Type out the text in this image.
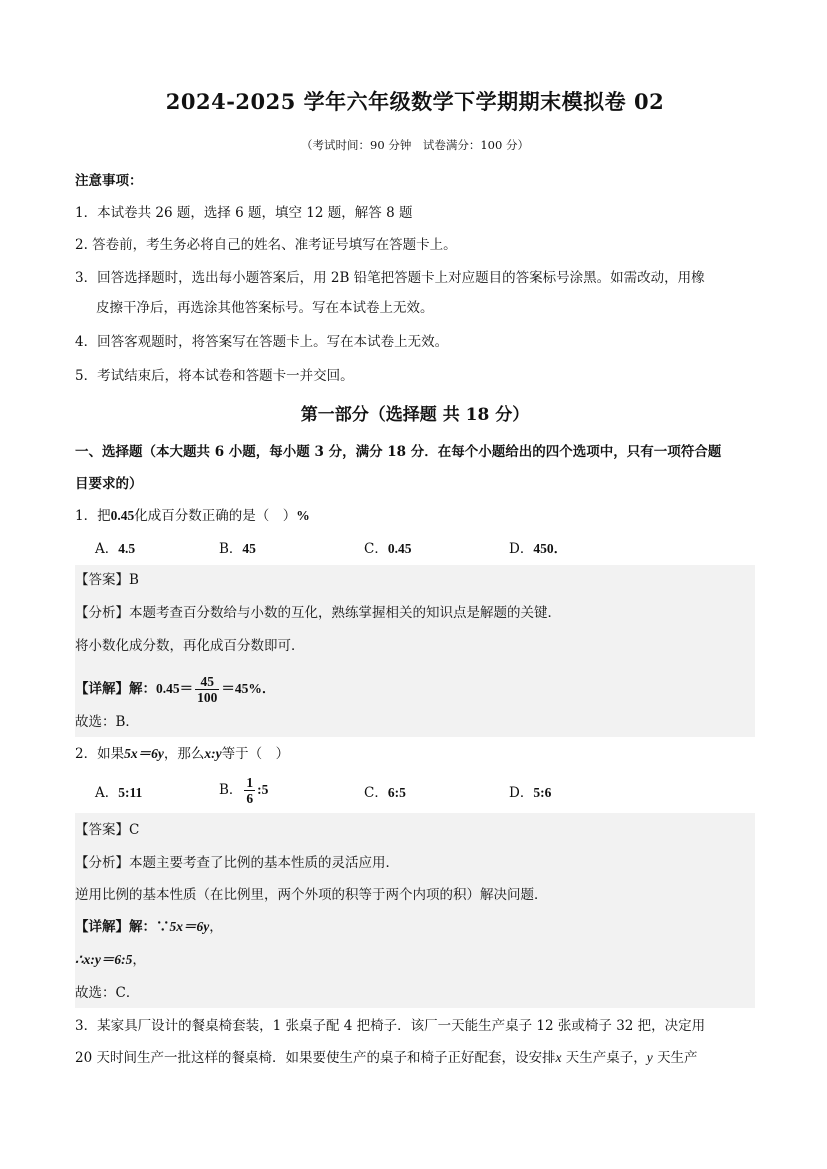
2024-2025 学年六年级数学下学期期末模拟卷 02
（考试时间：90 分钟　试卷满分：100 分）
注意事项：
1．本试卷共 26 题，选择 6 题，填空 12 题，解答 8 题
2. 答卷前，考生务必将自己的姓名、准考证号填写在答题卡上。
3．回答选择题时，选出每小题答案后，用 2B 铅笔把答题卡上对应题目的答案标号涂黑。如需改动，用橡
皮擦干净后，再选涂其他答案标号。写在本试卷上无效。
4．回答客观题时，将答案写在答题卡上。写在本试卷上无效。
5．考试结束后，将本试卷和答题卡一并交回。
第一部分（选择题 共 18 分）
一、选择题（本大题共 6 小题，每小题 3 分，满分 18 分．在每个小题给出的四个选项中，只有一项符合题
目要求的）
1．把0.45化成百分数正确的是（　）%
A．4.5	B．45	C．0.45	D．450．
【答案】B
【分析】本题考查百分数给与小数的互化，熟练掌握相关的知识点是解题的关键．
将小数化成分数，再化成百分数即可．
【详解】解：$0.45= \frac{45}{100} =45\%$．
故选：B．
2．如果5x＝6y，那么x:y等于（　）
A．5:11	B． $\frac{1}{6}$ :5	C．6:5	D．5:6
【答案】C
【分析】本题主要考查了比例的基本性质的灵活应用．
逆用比例的基本性质（在比例里，两个外项的积等于两个内项的积）解决问题．
【详解】解：∵5x＝6y，
∴x:y＝6:5，
故选：C．
3．某家具厂设计的餐桌椅套装，1 张桌子配 4 把椅子．该厂一天能生产桌子 12 张或椅子 32 把，决定用
20 天时间生产一批这样的餐桌椅．如果要使生产的桌子和椅子正好配套，设安排x 天生产桌子，y 天生产
